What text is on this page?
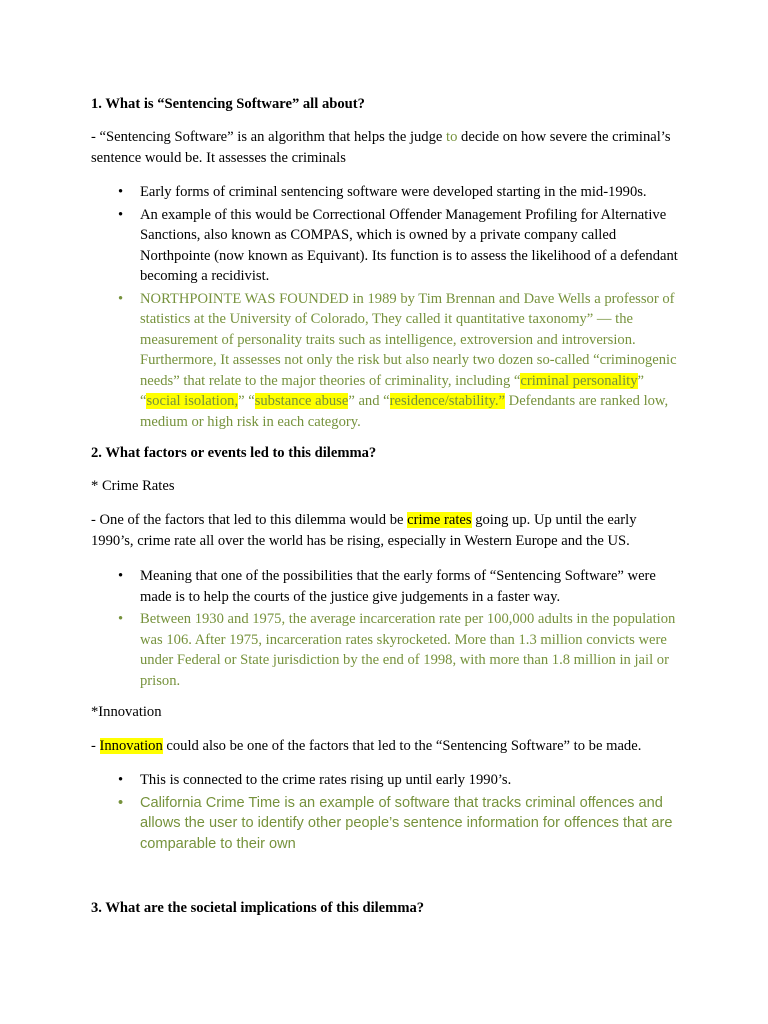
1. What is “Sentencing Software” all about?

- “Sentencing Software” is an algorithm that helps the judge to decide on how severe the criminal’s sentence would be. It assesses the criminals

•	Early forms of criminal sentencing software were developed starting in the mid-1990s.
•	An example of this would be Correctional Offender Management Profiling for Alternative Sanctions, also known as COMPAS, which is owned by a private company called Northpointe (now known as Equivant). Its function is to assess the likelihood of a defendant becoming a recidivist.
•	NORTHPOINTE WAS FOUNDED in 1989 by Tim Brennan and Dave Wells a professor of statistics at the University of Colorado, They called it quantitative taxonomy” — the measurement of personality traits such as intelligence, extroversion and introversion. Furthermore, It assesses not only the risk but also nearly two dozen so-called “criminogenic needs” that relate to the major theories of criminality, including “criminal personality” “social isolation,” “substance abuse” and “residence/stability.” Defendants are ranked low, medium or high risk in each category.

2. What factors or events led to this dilemma?

* Crime Rates

- One of the factors that led to this dilemma would be crime rates going up. Up until the early 1990’s, crime rate all over the world has be rising, especially in Western Europe and the US.

•	Meaning that one of the possibilities that the early forms of “Sentencing Software” were made is to help the courts of the justice give judgements in a faster way.
•	Between 1930 and 1975, the average incarceration rate per 100,000 adults in the population was 106. After 1975, incarceration rates skyrocketed. More than 1.3 million convicts were under Federal or State jurisdiction by the end of 1998, with more than 1.8 million in jail or prison.

*Innovation

- Innovation could also be one of the factors that led to the “Sentencing Software” to be made.

•	This is connected to the crime rates rising up until early 1990’s.
•	California Crime Time is an example of software that tracks criminal offences and allows the user to identify other people’s sentence information for offences that are comparable to their own

3. What are the societal implications of this dilemma?
